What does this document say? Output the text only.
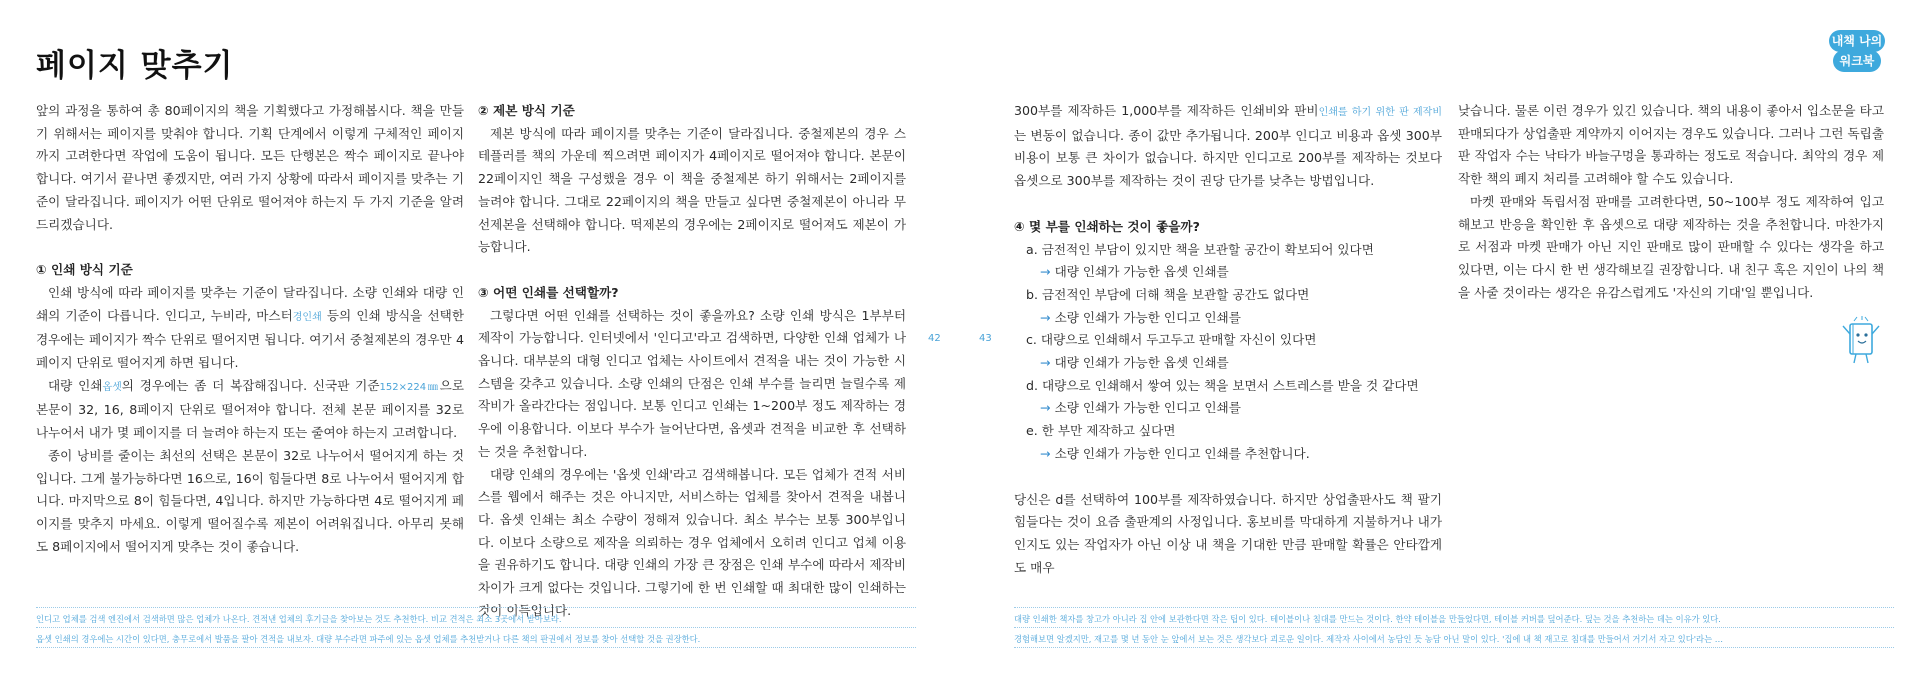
페이지 맞추기

앞의 과정을 통하여 총 80페이지의 책을 기획했다고 가정해봅시다. 책을 만들기 위해서는 페이지를 맞춰야 합니다. 기획 단계에서 이렇게 구체적인 페이지까지 고려한다면 작업에 도움이 됩니다. 모든 단행본은 짝수 페이지로 끝나야 합니다. 여기서 끝나면 좋겠지만, 여러 가지 상황에 따라서 페이지를 맞추는 기준이 달라집니다. 페이지가 어떤 단위로 떨어져야 하는지 두 가지 기준을 알려드리겠습니다.

① 인쇄 방식 기준

인쇄 방식에 따라 페이지를 맞추는 기준이 달라집니다. 소량 인쇄와 대량 인쇄의 기준이 다릅니다. 인디고, 누비라, 마스터경인쇄 등의 인쇄 방식을 선택한 경우에는 페이지가 짝수 단위로 떨어지면 됩니다. 여기서 중철제본의 경우만 4페이지 단위로 떨어지게 하면 됩니다.

대량 인쇄옵셋의 경우에는 좀 더 복잡해집니다. 신국판 기준152×224㎜으로 본문이 32, 16, 8페이지 단위로 떨어져야 합니다. 전체 본문 페이지를 32로 나누어서 내가 몇 페이지를 더 늘려야 하는지 또는 줄여야 하는지 고려합니다.

종이 낭비를 줄이는 최선의 선택은 본문이 32로 나누어서 떨어지게 하는 것입니다. 그게 불가능하다면 16으로, 16이 힘들다면 8로 나누어서 떨어지게 합니다. 마지막으로 8이 힘들다면, 4입니다. 하지만 가능하다면 4로 떨어지게 페이지를 맞추지 마세요. 이렇게 떨어질수록 제본이 어려워집니다. 아무리 못해도 8페이지에서 떨어지게 맞추는 것이 좋습니다.

② 제본 방식 기준

제본 방식에 따라 페이지를 맞추는 기준이 달라집니다. 중철제본의 경우 스테플러를 책의 가운데 찍으려면 페이지가 4페이지로 떨어져야 합니다. 본문이 22페이지인 책을 구성했을 경우 이 책을 중철제본 하기 위해서는 2페이지를 늘려야 합니다. 그대로 22페이지의 책을 만들고 싶다면 중철제본이 아니라 무선제본을 선택해야 합니다. 떡제본의 경우에는 2페이지로 떨어져도 제본이 가능합니다.

③ 어떤 인쇄를 선택할까?

그렇다면 어떤 인쇄를 선택하는 것이 좋을까요? 소량 인쇄 방식은 1부부터 제작이 가능합니다. 인터넷에서 '인디고'라고 검색하면, 다양한 인쇄 업체가 나옵니다. 대부분의 대형 인디고 업체는 사이트에서 견적을 내는 것이 가능한 시스템을 갖추고 있습니다. 소량 인쇄의 단점은 인쇄 부수를 늘리면 늘릴수록 제작비가 올라간다는 점입니다. 보통 인디고 인쇄는 1~200부 정도 제작하는 경우에 이용합니다. 이보다 부수가 늘어난다면, 옵셋과 견적을 비교한 후 선택하는 것을 추천합니다.

대량 인쇄의 경우에는 '옵셋 인쇄'라고 검색해봅니다. 모든 업체가 견적 서비스를 웹에서 해주는 것은 아니지만, 서비스하는 업체를 찾아서 견적을 내봅니다. 옵셋 인쇄는 최소 수량이 정해져 있습니다. 최소 부수는 보통 300부입니다. 이보다 소량으로 제작을 의뢰하는 경우 업체에서 오히려 인디고 업체 이용을 권유하기도 합니다. 대량 인쇄의 가장 큰 장점은 인쇄 부수에 따라서 제작비 차이가 크게 없다는 것입니다. 그렇기에 한 번 인쇄할 때 최대한 많이 인쇄하는 것이 이득입니다.

42
인디고 업체를 검색 엔진에서 검색하면 많은 업체가 나온다. 견적낸 업체의 후기글을 찾아보는 것도 추천한다. 비교 견적은 최소 3곳에서 받아보라.
옵셋 인쇄의 경우에는 시간이 있다면, 충무로에서 발품을 팔아 견적을 내보자. 대량 부수라면 파주에 있는 옵셋 업체를 추천받거나 다른 책의 판권에서 정보를 찾아 선택할 것을 권장한다.
43

300부를 제작하든 1,000부를 제작하든 인쇄비와 판비인쇄를 하기 위한 판 제작비는 변동이 없습니다. 종이 값만 추가됩니다. 200부 인디고 비용과 옵셋 300부 비용이 보통 큰 차이가 없습니다. 하지만 인디고로 200부를 제작하는 것보다 옵셋으로 300부를 제작하는 것이 권당 단가를 낮추는 방법입니다.

④ 몇 부를 인쇄하는 것이 좋을까?

a. 금전적인 부담이 있지만 책을 보관할 공간이 확보되어 있다면

→ 대량 인쇄가 가능한 옵셋 인쇄를

b. 금전적인 부담에 더해 책을 보관할 공간도 없다면

→ 소량 인쇄가 가능한 인디고 인쇄를

c. 대량으로 인쇄해서 두고두고 판매할 자신이 있다면

→ 대량 인쇄가 가능한 옵셋 인쇄를

d. 대량으로 인쇄해서 쌓여 있는 책을 보면서 스트레스를 받을 것 같다면

→ 소량 인쇄가 가능한 인디고 인쇄를

e. 한 부만 제작하고 싶다면

→ 소량 인쇄가 가능한 인디고 인쇄를 추천합니다.

당신은 d를 선택하여 100부를 제작하였습니다. 하지만 상업출판사도 책 팔기 힘들다는 것이 요즘 출판계의 사정입니다. 홍보비를 막대하게 지불하거나 내가 인지도 있는 작업자가 아닌 이상 내 책을 기대한 만큼 판매할 확률은 안타깝게도 매우

낮습니다. 물론 이런 경우가 있긴 있습니다. 책의 내용이 좋아서 입소문을 타고 판매되다가 상업출판 계약까지 이어지는 경우도 있습니다. 그러나 그런 독립출판 작업자 수는 낙타가 바늘구멍을 통과하는 정도로 적습니다. 최악의 경우 제작한 책의 폐지 처리를 고려해야 할 수도 있습니다.

마켓 판매와 독립서점 판매를 고려한다면, 50~100부 정도 제작하여 입고해보고 반응을 확인한 후 옵셋으로 대량 제작하는 것을 추천합니다. 마찬가지로 서점과 마켓 판매가 아닌 지인 판매로 많이 판매할 수 있다는 생각을 하고 있다면, 이는 다시 한 번 생각해보길 권장합니다. 내 친구 혹은 지인이 나의 책을 사줄 것이라는 생각은 유감스럽게도 '자신의 기대'일 뿐입니다.

대량 인쇄한 책자를 창고가 아니라 집 안에 보관한다면 작은 팁이 있다. 테이블이나 침대를 만드는 것이다. 한약 테이블을 만들었다면, 테이블 커버를 덮어준다. 덮는 것을 추천하는 데는 이유가 있다.
경험해보면 알겠지만, 재고를 몇 년 동안 눈 앞에서 보는 것은 생각보다 괴로운 일이다. 제작자 사이에서 농담인 듯 농담 아닌 말이 있다. '집에 내 책 재고로 침대를 만들어서 거기서 자고 있다'라는 …
내책 나의
워크북
